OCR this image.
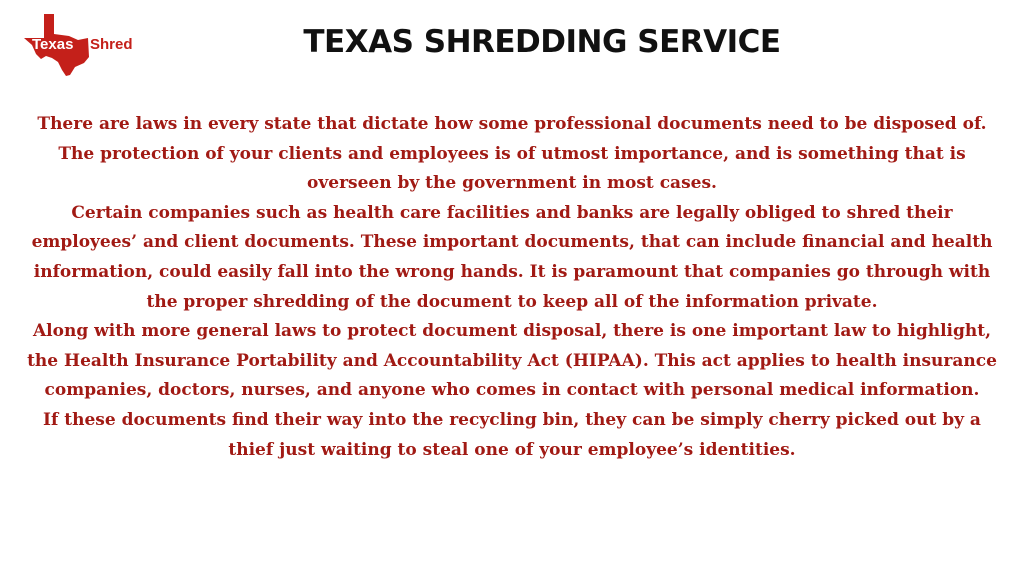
Texas Shred	TEXAS SHREDDING SERVICE

There are laws in every state that dictate how some professional documents need to be disposed of. The protection of your clients and employees is of utmost importance, and is something that is overseen by the government in most cases.

Certain companies such as health care facilities and banks are legally obliged to shred their employees’ and client documents. These important documents, that can include financial and health information, could easily fall into the wrong hands. It is paramount that companies go through with the proper shredding of the document to keep all of the information private.

Along with more general laws to protect document disposal, there is one important law to highlight, the Health Insurance Portability and Accountability Act (HIPAA). This act applies to health insurance companies, doctors, nurses, and anyone who comes in contact with personal medical information.

If these documents find their way into the recycling bin, they can be simply cherry picked out by a thief just waiting to steal one of your employee’s identities.
